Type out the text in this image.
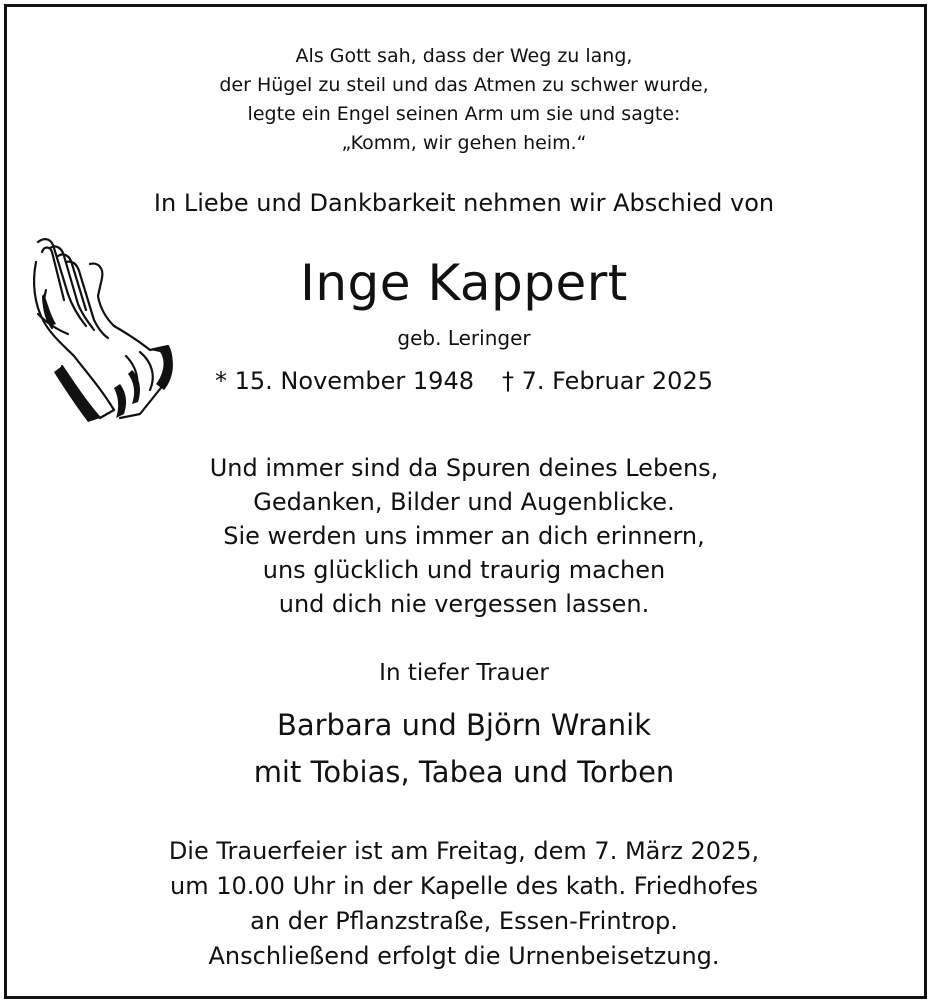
Als Gott sah, dass der Weg zu lang,
der Hügel zu steil und das Atmen zu schwer wurde,
legte ein Engel seinen Arm um sie und sagte:
„Komm, wir gehen heim.“
In Liebe und Dankbarkeit nehmen wir Abschied von
Inge Kappert
geb. Leringer
* 15. November 1948 † 7. Februar 2025
Und immer sind da Spuren deines Lebens,
Gedanken, Bilder und Augenblicke.
Sie werden uns immer an dich erinnern,
uns glücklich und traurig machen
und dich nie vergessen lassen.
In tiefer Trauer
Barbara und Björn Wranik
mit Tobias, Tabea und Torben
Die Trauerfeier ist am Freitag, dem 7. März 2025,
um 10.00 Uhr in der Kapelle des kath. Friedhofes
an der Pflanzstraße, Essen-Frintrop.
Anschließend erfolgt die Urnenbeisetzung.
